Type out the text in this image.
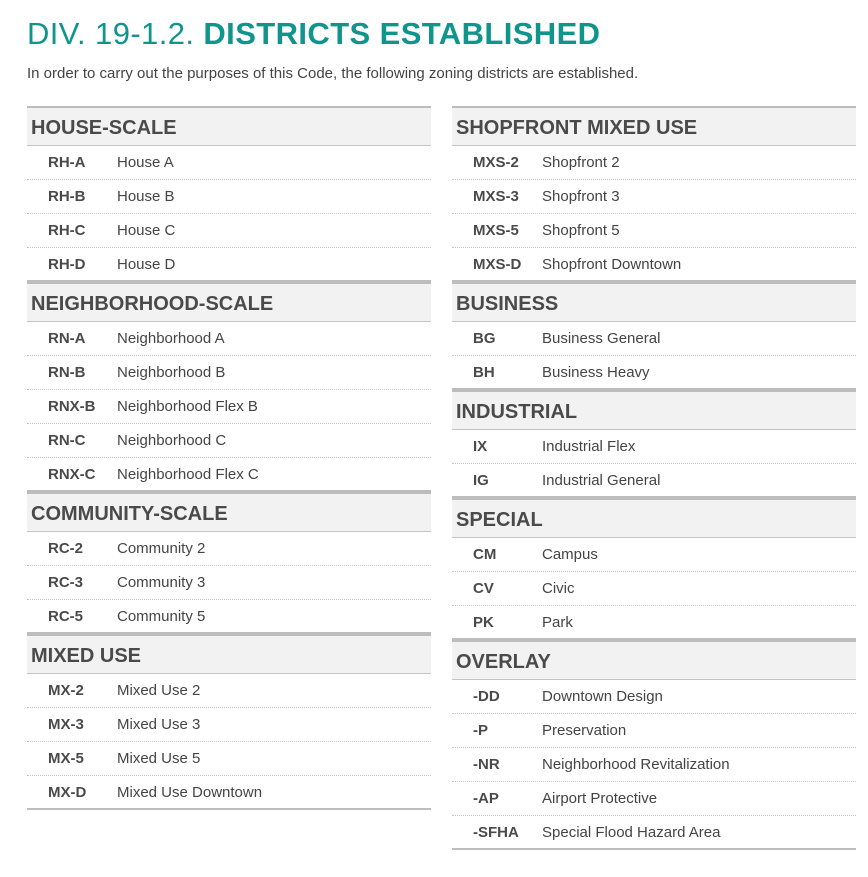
DIV. 19-1.2. DISTRICTS ESTABLISHED
In order to carry out the purposes of this Code, the following zoning districts are established.
HOUSE-SCALE
RH-A House A
RH-B House B
RH-C House C
RH-D House D
NEIGHBORHOOD-SCALE
RN-A Neighborhood A
RN-B Neighborhood B
RNX-B Neighborhood Flex B
RN-C Neighborhood C
RNX-C Neighborhood Flex C
COMMUNITY-SCALE
RC-2 Community 2
RC-3 Community 3
RC-5 Community 5
MIXED USE
MX-2 Mixed Use 2
MX-3 Mixed Use 3
MX-5 Mixed Use 5
MX-D Mixed Use Downtown
SHOPFRONT MIXED USE
MXS-2 Shopfront 2
MXS-3 Shopfront 3
MXS-5 Shopfront 5
MXS-D Shopfront Downtown
BUSINESS
BG	Business General
BH	Business Heavy
INDUSTRIAL
IX	Industrial Flex
IG	Industrial General
SPECIAL
CM	Campus
CV	Civic
PK	Park
OVERLAY
-DD	Downtown Design
-P	Preservation
-NR	Neighborhood Revitalization
-AP	Airport Protective
-SFHA Special Flood Hazard Area
